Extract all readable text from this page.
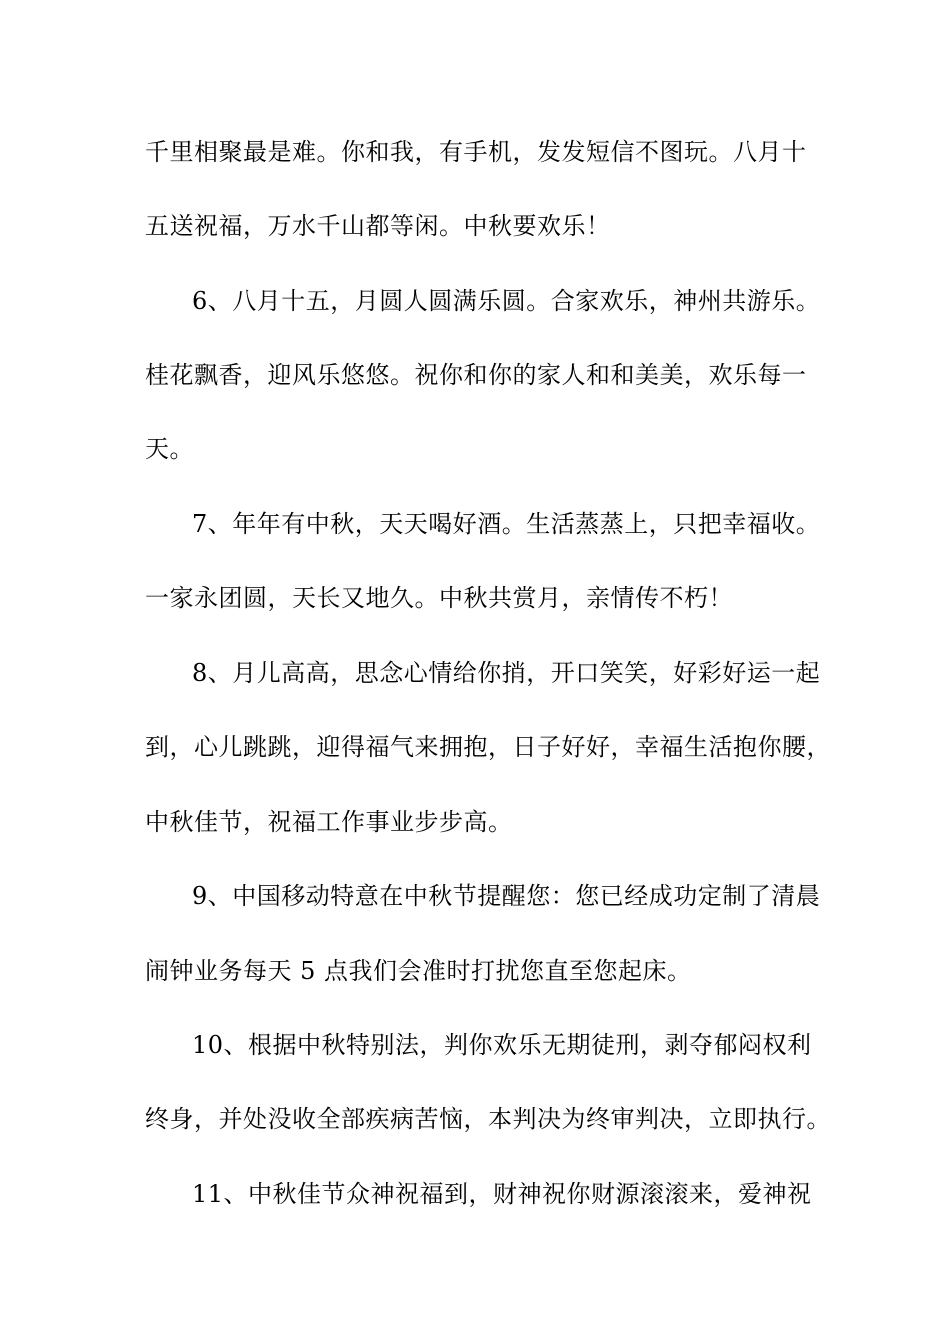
千里相聚最是难。你和我，有手机，发发短信不图玩。八月十
五送祝福，万水千山都等闲。中秋要欢乐！
6、八月十五，月圆人圆满乐圆。合家欢乐，神州共游乐。
桂花飘香，迎风乐悠悠。祝你和你的家人和和美美，欢乐每一
天。
7、年年有中秋，天天喝好酒。生活蒸蒸上，只把幸福收。
一家永团圆，天长又地久。中秋共赏月，亲情传不朽！
8、月儿高高，思念心情给你捎，开口笑笑，好彩好运一起
到，心儿跳跳，迎得福气来拥抱，日子好好，幸福生活抱你腰，
中秋佳节，祝福工作事业步步高。
9、中国移动特意在中秋节提醒您：您已经成功定制了清晨
闹钟业务每天 5 点我们会准时打扰您直至您起床。
10、根据中秋特别法，判你欢乐无期徒刑，剥夺郁闷权利
终身，并处没收全部疾病苦恼，本判决为终审判决，立即执行。
11、中秋佳节众神祝福到，财神祝你财源滚滚来，爱神祝
